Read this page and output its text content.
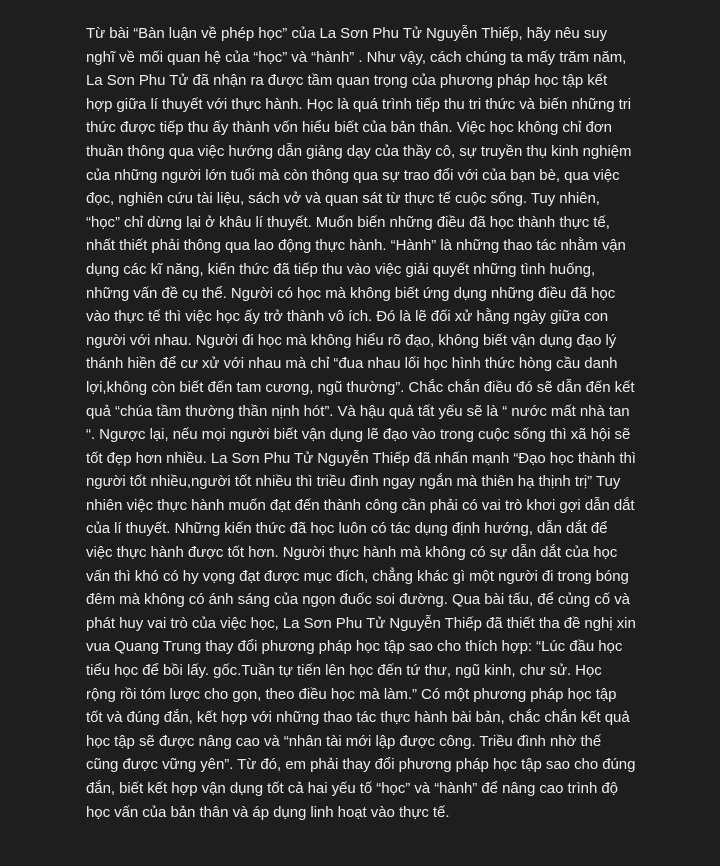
Từ bài “Bàn luận về phép học” của La Sơn Phu Tử Nguyễn Thiếp, hãy nêu suy
nghĩ về mối quan hệ của “học” và “hành” . Như vậy, cách chúng ta mấy trăm năm,
La Sơn Phu Tử đã nhận ra được tầm quan trọng của phương pháp học tập kết
hợp giữa lí thuyết với thực hành. Học là quá trình tiếp thu tri thức và biến những tri
thức được tiếp thu ấy thành vốn hiểu biết của bản thân. Việc học không chỉ đơn
thuần thông qua việc hướng dẫn giảng dạy của thầy cô, sự truyền thụ kinh nghiệm
của những người lớn tuổi mà còn thông qua sự trao đổi với của bạn bè, qua việc
đọc, nghiên cứu tài liệu, sách vở và quan sát từ thực tế cuộc sống. Tuy nhiên,
“học” chỉ dừng lại ở khâu lí thuyết. Muốn biến những điều đã học thành thực tế,
nhất thiết phải thông qua lao động thực hành. “Hành” là những thao tác nhằm vận
dụng các kĩ năng, kiến thức đã tiếp thu vào việc giải quyết những tình huống,
những vấn đề cụ thể. Người có học mà không biết ứng dụng những điều đã học
vào thực tế thì việc học ấy trở thành vô ích. Đó là lẽ đối xử hằng ngày giữa con
người với nhau. Người đi học mà không hiểu rõ đạo, không biết vận dụng đạo lý
thánh hiền để cư xử với nhau mà chỉ “đua nhau lối học hình thức hòng cầu danh
lợi,không còn biết đến tam cương, ngũ thường”. Chắc chắn điều đó sẽ dẫn đến kết
quả “chúa tầm thường thần nịnh hót”. Và hậu quả tất yếu sẽ là “ nước mất nhà tan
“. Ngược lại, nếu mọi người biết vận dụng lẽ đạo vào trong cuộc sống thì xã hội sẽ
tốt đẹp hơn nhiều. La Sơn Phu Tử Nguyễn Thiếp đã nhấn mạnh “Đạo học thành thì
người tốt nhiều,người tốt nhiều thì triều đình ngay ngắn mà thiên hạ thịnh trị” Tuy
nhiên việc thực hành muốn đạt đến thành công cần phải có vai trò khơi gợi dẫn dắt
của lí thuyết. Những kiến thức đã học luôn có tác dụng định hướng, dẫn dắt để
việc thực hành được tốt hơn. Người thực hành mà không có sự dẫn dắt của học
vấn thì khó có hy vọng đạt được mục đích, chẳng khác gì một người đi trong bóng
đêm mà không có ánh sáng của ngọn đuốc soi đường. Qua bài tấu, để củng cố và
phát huy vai trò của việc học, La Sơn Phu Tử Nguyễn Thiếp đã thiết tha đề nghị xin
vua Quang Trung thay đổi phương pháp học tập sao cho thích hợp: “Lúc đầu học
tiểu học để bồi lấy. gốc.Tuần tự tiến lên học đến tứ thư, ngũ kinh, chư sử. Học
rộng rồi tóm lược cho gọn, theo điều học mà làm.” Có một phương pháp học tập
tốt và đúng đắn, kết hợp với những thao tác thực hành bài bản, chắc chắn kết quả
học tập sẽ được nâng cao và “nhân tài mới lập được công. Triều đình nhờ thế
cũng được vững yên”. Từ đó, em phải thay đổi phương pháp học tập sao cho đúng
đắn, biết kết hợp vận dụng tốt cả hai yếu tố “học” và “hành” để nâng cao trình độ
học vấn của bản thân và áp dụng linh hoạt vào thực tế.
